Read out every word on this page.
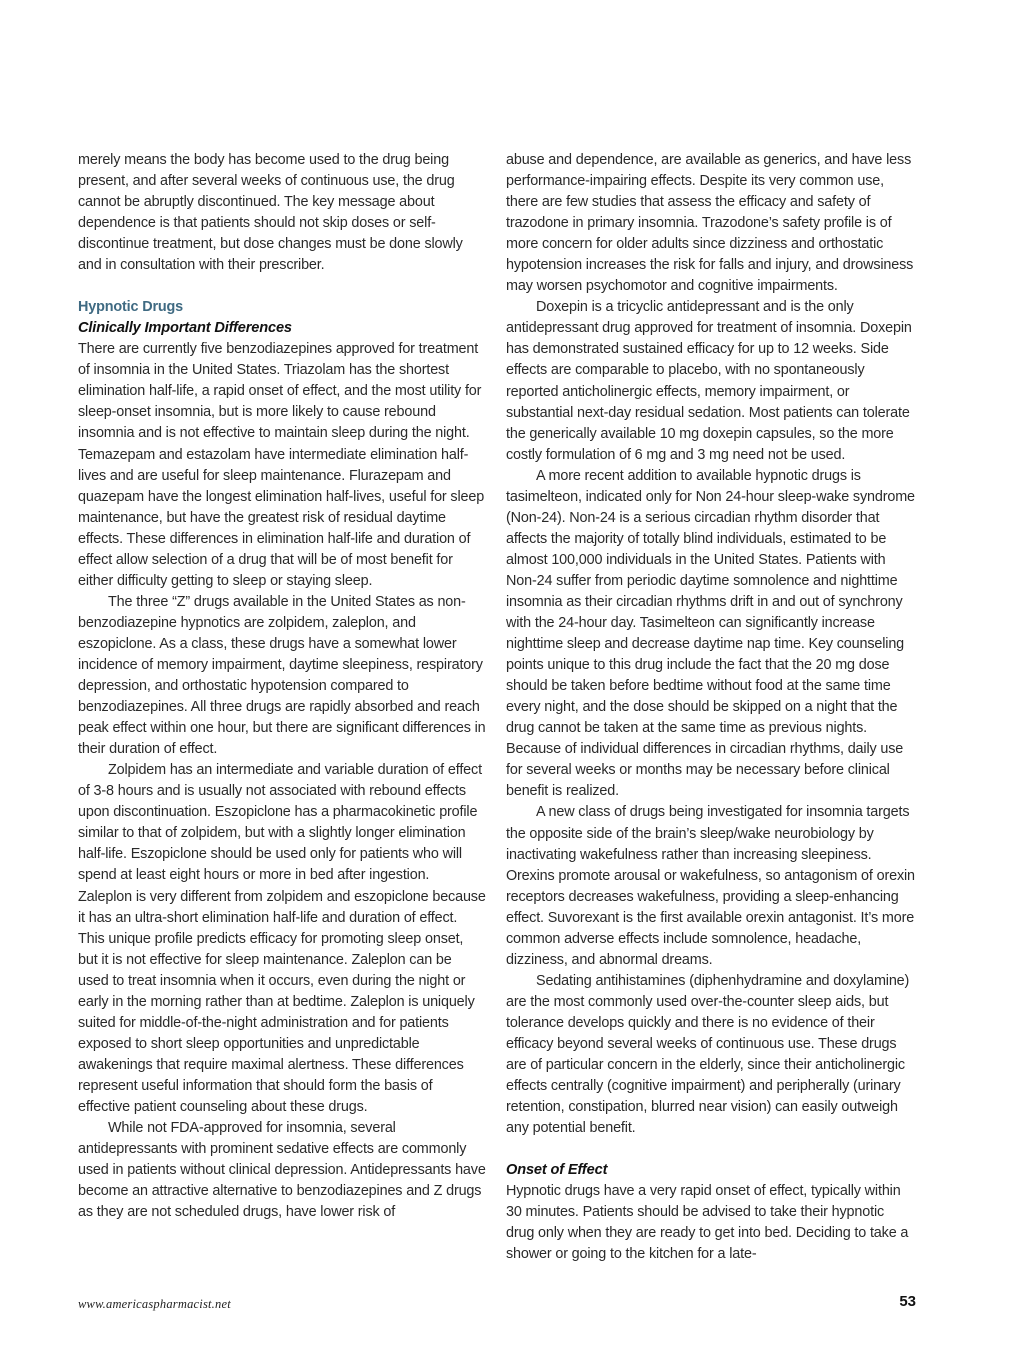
merely means the body has become used to the drug being present, and after several weeks of continuous use, the drug cannot be abruptly discontinued. The key message about dependence is that patients should not skip doses or self-discontinue treatment, but dose changes must be done slowly and in consultation with their prescriber.

Hypnotic Drugs
Clinically Important Differences

There are currently five benzodiazepines approved for treatment of insomnia in the United States. Triazolam has the shortest elimination half-life, a rapid onset of effect, and the most utility for sleep-onset insomnia, but is more likely to cause rebound insomnia and is not effective to maintain sleep during the night. Temazepam and estazolam have intermediate elimination half-lives and are useful for sleep maintenance. Flurazepam and quazepam have the longest elimination half-lives, useful for sleep maintenance, but have the greatest risk of residual daytime effects. These differences in elimination half-life and duration of effect allow selection of a drug that will be of most benefit for either difficulty getting to sleep or staying sleep.

The three “Z” drugs available in the United States as non-benzodiazepine hypnotics are zolpidem, zaleplon, and eszopiclone. As a class, these drugs have a somewhat lower incidence of memory impairment, daytime sleepiness, respiratory depression, and orthostatic hypotension compared to benzodiazepines. All three drugs are rapidly absorbed and reach peak effect within one hour, but there are significant differences in their duration of effect.

Zolpidem has an intermediate and variable duration of effect of 3-8 hours and is usually not associated with rebound effects upon discontinuation. Eszopiclone has a pharmacokinetic profile similar to that of zolpidem, but with a slightly longer elimination half-life. Eszopiclone should be used only for patients who will spend at least eight hours or more in bed after ingestion. Zaleplon is very different from zolpidem and eszopiclone because it has an ultra-short elimination half-life and duration of effect. This unique profile predicts efficacy for promoting sleep onset, but it is not effective for sleep maintenance. Zaleplon can be used to treat insomnia when it occurs, even during the night or early in the morning rather than at bedtime. Zaleplon is uniquely suited for middle-of-the-night administration and for patients exposed to short sleep opportunities and unpredictable awakenings that require maximal alertness. These differences represent useful information that should form the basis of effective patient counseling about these drugs.

While not FDA-approved for insomnia, several antidepressants with prominent sedative effects are commonly used in patients without clinical depression. Antidepressants have become an attractive alternative to benzodiazepines and Z drugs as they are not scheduled drugs, have lower risk of

abuse and dependence, are available as generics, and have less performance-impairing effects. Despite its very common use, there are few studies that assess the efficacy and safety of trazodone in primary insomnia. Trazodone’s safety profile is of more concern for older adults since dizziness and orthostatic hypotension increases the risk for falls and injury, and drowsiness may worsen psychomotor and cognitive impairments.

Doxepin is a tricyclic antidepressant and is the only antidepressant drug approved for treatment of insomnia. Doxepin has demonstrated sustained efficacy for up to 12 weeks. Side effects are comparable to placebo, with no spontaneously reported anticholinergic effects, memory impairment, or substantial next-day residual sedation. Most patients can tolerate the generically available 10 mg doxepin capsules, so the more costly formulation of 6 mg and 3 mg need not be used.

A more recent addition to available hypnotic drugs is tasimelteon, indicated only for Non 24-hour sleep-wake syndrome (Non-24). Non-24 is a serious circadian rhythm disorder that affects the majority of totally blind individuals, estimated to be almost 100,000 individuals in the United States. Patients with Non-24 suffer from periodic daytime somnolence and nighttime insomnia as their circadian rhythms drift in and out of synchrony with the 24-hour day. Tasimelteon can significantly increase nighttime sleep and decrease daytime nap time. Key counseling points unique to this drug include the fact that the 20 mg dose should be taken before bedtime without food at the same time every night, and the dose should be skipped on a night that the drug cannot be taken at the same time as previous nights. Because of individual differences in circadian rhythms, daily use for several weeks or months may be necessary before clinical benefit is realized.

A new class of drugs being investigated for insomnia targets the opposite side of the brain’s sleep/wake neurobiology by inactivating wakefulness rather than increasing sleepiness. Orexins promote arousal or wakefulness, so antagonism of orexin receptors decreases wakefulness, providing a sleep-enhancing effect. Suvorexant is the first available orexin antagonist. It’s more common adverse effects include somnolence, headache, dizziness, and abnormal dreams.

Sedating antihistamines (diphenhydramine and doxylamine) are the most commonly used over-the-counter sleep aids, but tolerance develops quickly and there is no evidence of their efficacy beyond several weeks of continuous use. These drugs are of particular concern in the elderly, since their anticholinergic effects centrally (cognitive impairment) and peripherally (urinary retention, constipation, blurred near vision) can easily outweigh any potential benefit.

Onset of Effect

Hypnotic drugs have a very rapid onset of effect, typically within 30 minutes. Patients should be advised to take their hypnotic drug only when they are ready to get into bed. Deciding to take a shower or going to the kitchen for a late-

www.americaspharmacist.net	53
